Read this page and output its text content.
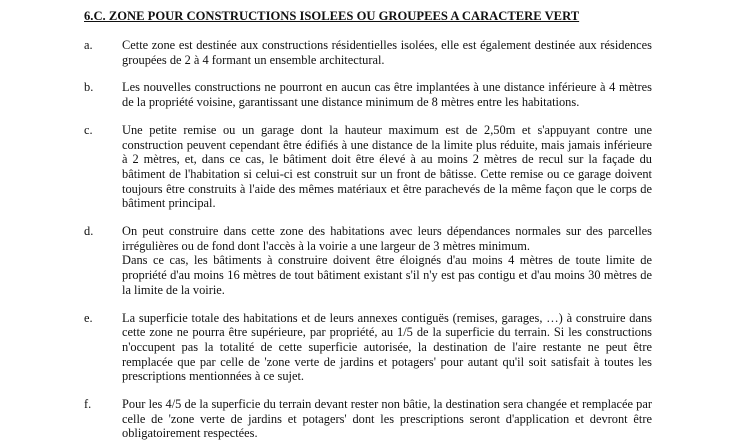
6.C. ZONE POUR CONSTRUCTIONS ISOLEES OU GROUPEES A CARACTERE VERT
a.	Cette zone est destinée aux constructions résidentielles isolées, elle est également destinée aux résidences groupées de 2 à 4 formant un ensemble architectural.

b.	Les nouvelles constructions ne pourront en aucun cas être implantées à une distance inférieure à 4 mètres de la propriété voisine, garantissant une distance minimum de 8 mètres entre les habitations.

c.	Une petite remise ou un garage dont la hauteur maximum est de 2,50m et s'appuyant contre une construction peuvent cependant être édifiés à une distance de la limite plus réduite, mais jamais inférieure à 2 mètres, et, dans ce cas, le bâtiment doit être élevé à au moins 2 mètres de recul sur la façade du bâtiment de l'habitation si celui-ci est construit sur un front de bâtisse. Cette remise ou ce garage doivent toujours être construits à l'aide des mêmes matériaux et être parachevés de la même façon que le corps de bâtiment principal.

d.	On peut construire dans cette zone des habitations avec leurs dépendances normales sur des parcelles irrégulières ou de fond dont l'accès à la voirie a une largeur de 3 mètres minimum.

Dans ce cas, les bâtiments à construire doivent être éloignés d'au moins 4 mètres de toute limite de propriété d'au moins 16 mètres de tout bâtiment existant s'il n'y est pas contigu et d'au moins 30 mètres de la limite de la voirie.

e.	La superficie totale des habitations et de leurs annexes contiguës (remises, garages, …) à construire dans cette zone ne pourra être supérieure, par propriété, au 1/5 de la superficie du terrain. Si les constructions n'occupent pas la totalité de cette superficie autorisée, la destination de l'aire restante ne peut être remplacée que par celle de 'zone verte de jardins et potagers' pour autant qu'il soit satisfait à toutes les prescriptions mentionnées à ce sujet.

f.	Pour les 4/5 de la superficie du terrain devant rester non bâtie, la destination sera changée et remplacée par celle de 'zone verte de jardins et potagers' dont les prescriptions seront d'application et devront être obligatoirement respectées.
